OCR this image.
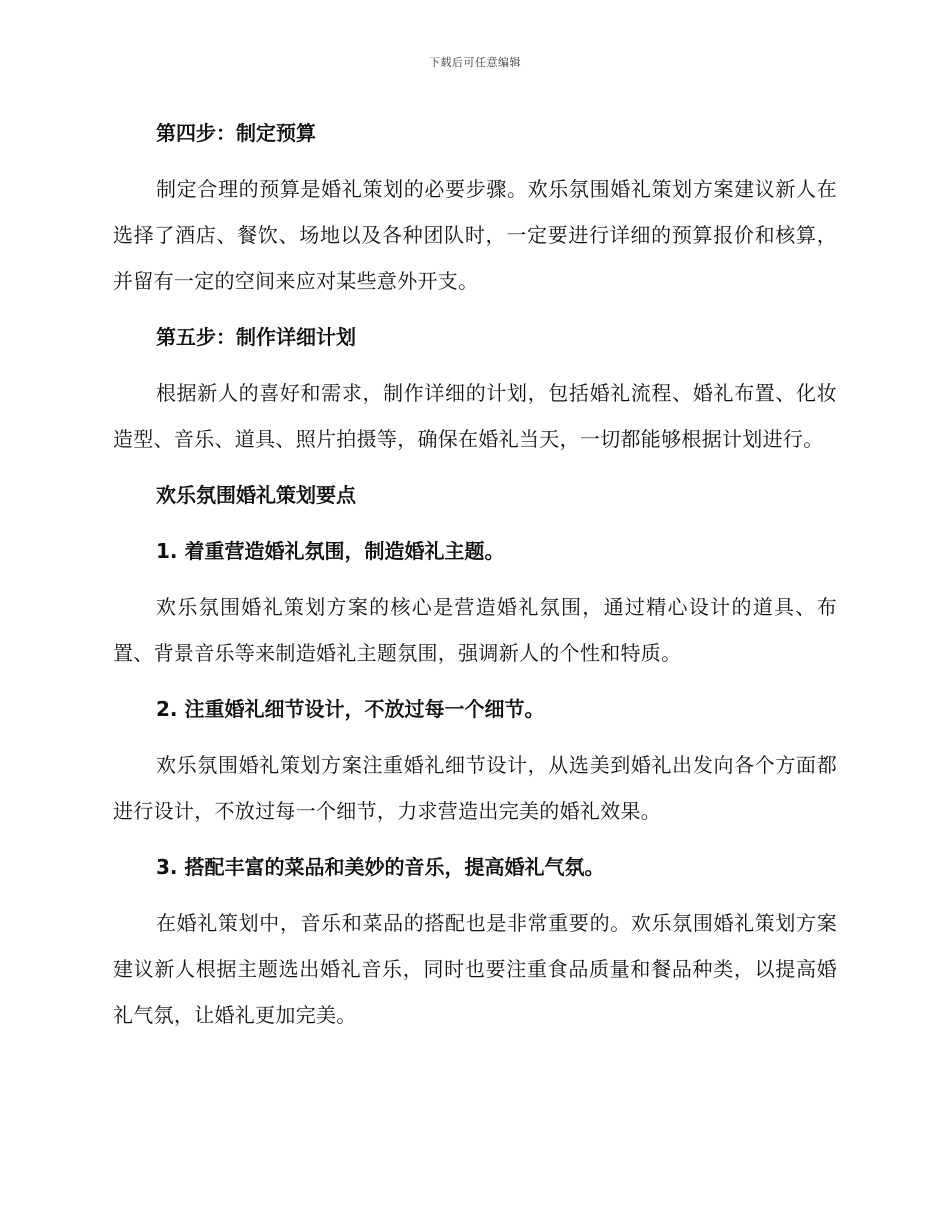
下载后可任意编辑
第四步：制定预算

制定合理的预算是婚礼策划的必要步骤。欢乐氛围婚礼策划方案建议新人在选择了酒店、餐饮、场地以及各种团队时，一定要进行详细的预算报价和核算，并留有一定的空间来应对某些意外开支。

第五步：制作详细计划

根据新人的喜好和需求，制作详细的计划，包括婚礼流程、婚礼布置、化妆造型、音乐、道具、照片拍摄等，确保在婚礼当天，一切都能够根据计划进行。

欢乐氛围婚礼策划要点
1. 着重营造婚礼氛围，制造婚礼主题。

欢乐氛围婚礼策划方案的核心是营造婚礼氛围，通过精心设计的道具、布置、背景音乐等来制造婚礼主题氛围，强调新人的个性和特质。

2. 注重婚礼细节设计，不放过每一个细节。

欢乐氛围婚礼策划方案注重婚礼细节设计，从选美到婚礼出发向各个方面都进行设计，不放过每一个细节，力求营造出完美的婚礼效果。

3. 搭配丰富的菜品和美妙的音乐，提高婚礼气氛。

在婚礼策划中，音乐和菜品的搭配也是非常重要的。欢乐氛围婚礼策划方案建议新人根据主题选出婚礼音乐，同时也要注重食品质量和餐品种类，以提高婚礼气氛，让婚礼更加完美。
